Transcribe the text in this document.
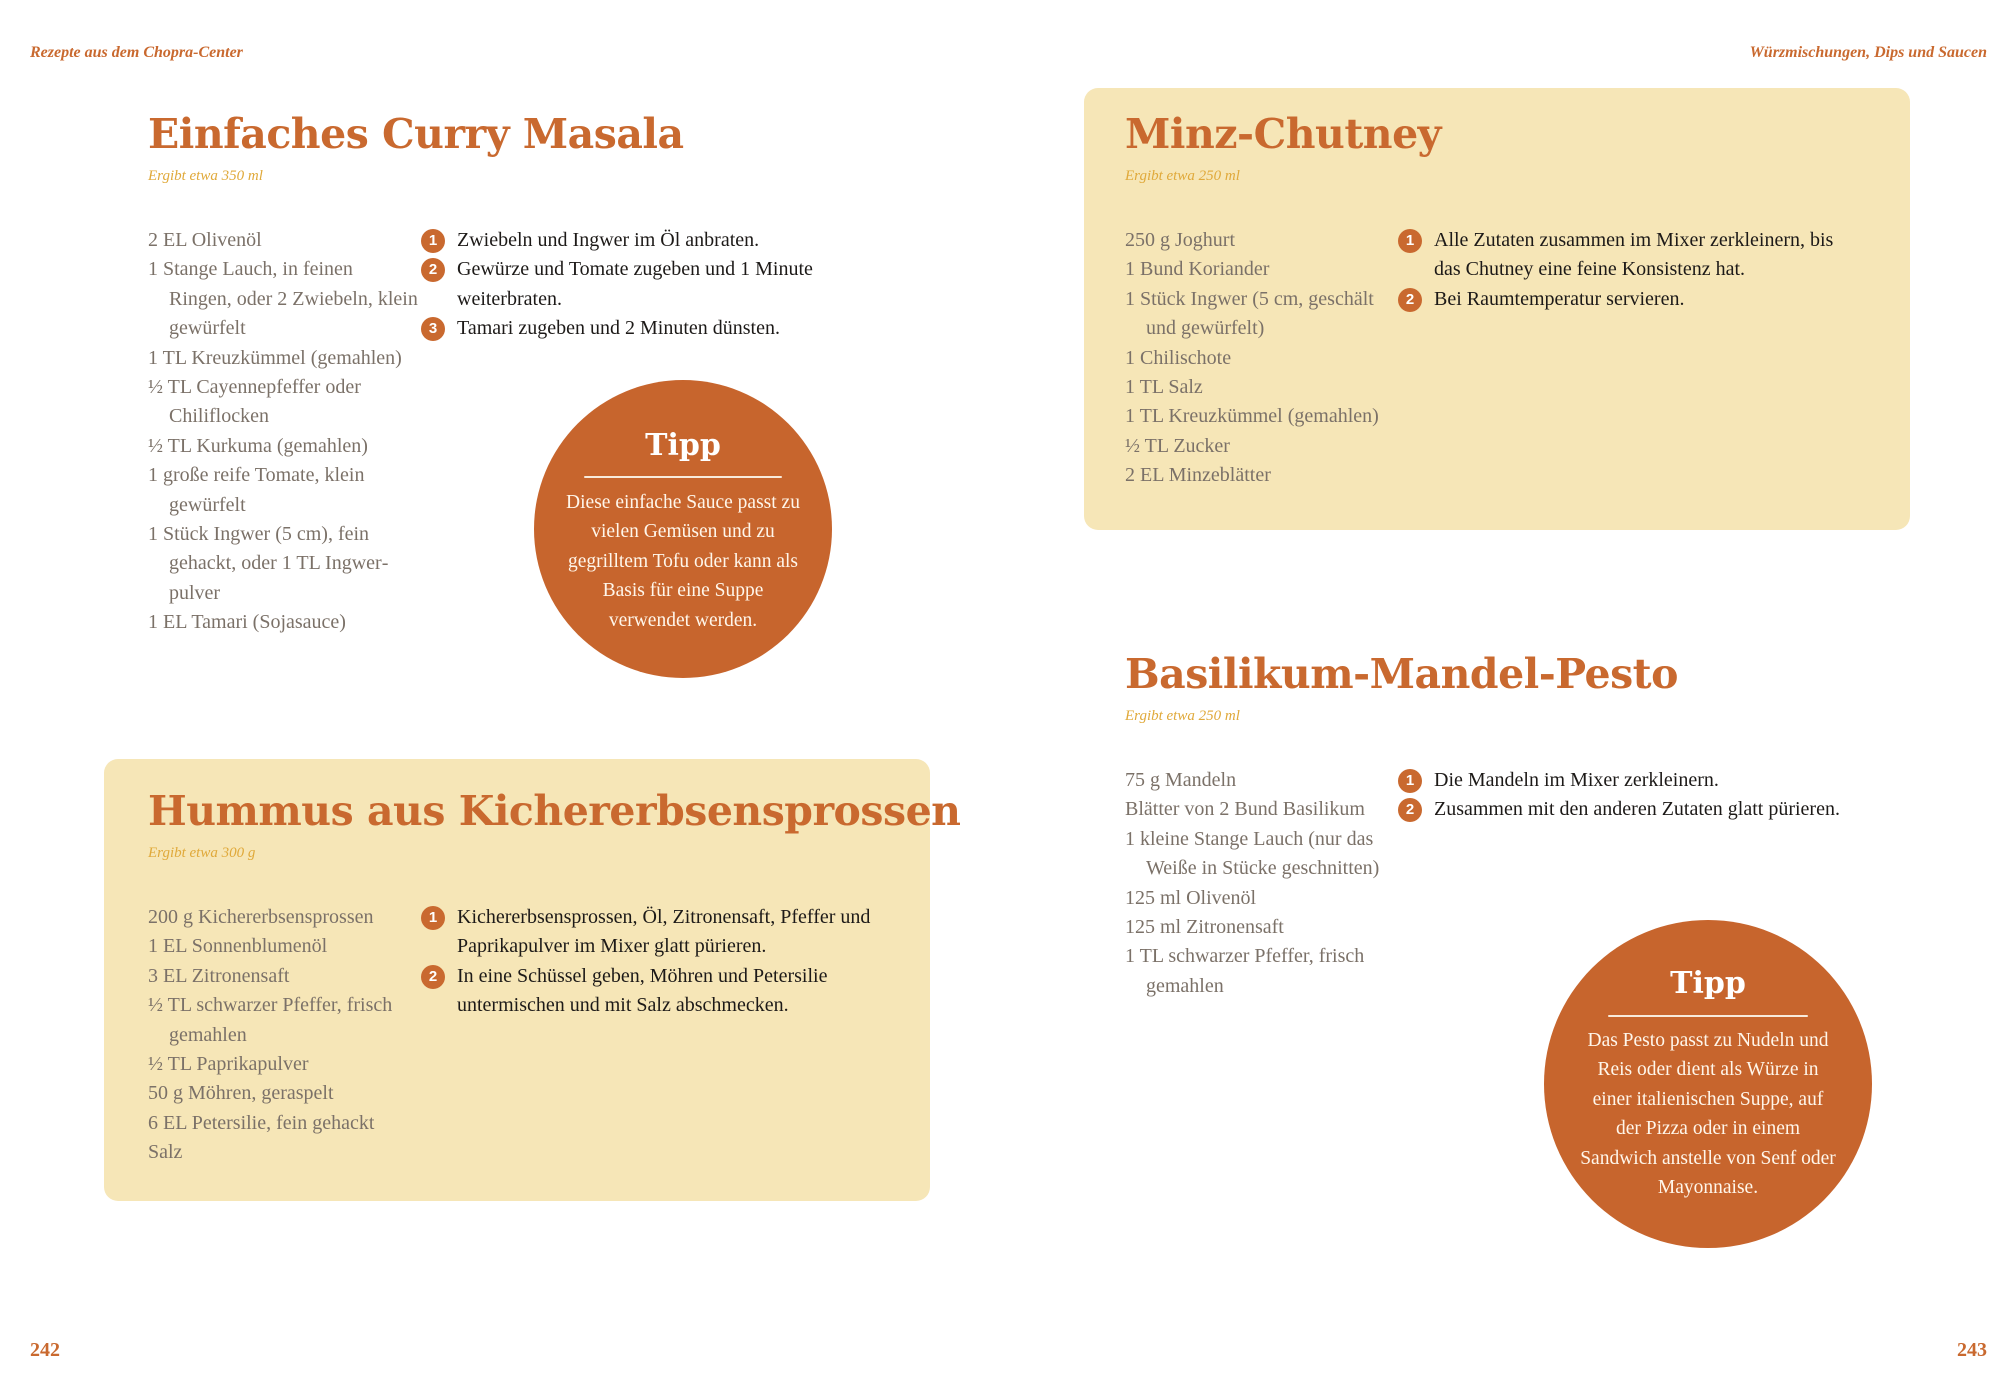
Rezepte aus dem Chopra-Center	Würzmischungen, Dips und Saucen
Einfaches Curry Masala
Ergibt etwa 350 ml
2 EL Olivenöl
1 Stange Lauch, in feinen Ringen, oder 2 Zwiebeln, klein gewürfelt
1 TL Kreuzkümmel (gemahlen)
½ TL Cayennepfeffer oder Chiliflocken
½ TL Kurkuma (gemahlen)
1 große reife Tomate, klein gewürfelt
1 Stück Ingwer (5 cm), fein gehackt, oder 1 TL Ingwerpulver
1 EL Tamari (Sojasauce)
1 Zwiebeln und Ingwer im Öl anbraten.
2 Gewürze und Tomate zugeben und 1 Minute weiterbraten.
3 Tamari zugeben und 2 Minuten dünsten.
Tipp
Diese einfache Sauce passt zu vielen Gemüsen und zu gegrilltem Tofu oder kann als Basis für eine Suppe verwendet werden.
Hummus aus Kichererbsensprossen
Ergibt etwa 300 g
200 g Kichererbsensprossen
1 EL Sonnenblumenöl
3 EL Zitronensaft
½ TL schwarzer Pfeffer, frisch gemahlen
½ TL Paprikapulver
50 g Möhren, geraspelt
6 EL Petersilie, fein gehackt
Salz
1 Kichererbsensprossen, Öl, Zitronensaft, Pfeffer und Paprikapulver im Mixer glatt pürieren.
2 In eine Schüssel geben, Möhren und Petersilie untermischen und mit Salz abschmecken.
Minz-Chutney
Ergibt etwa 250 ml
250 g Joghurt
1 Bund Koriander
1 Stück Ingwer (5 cm, geschält und gewürfelt)
1 Chilischote
1 TL Salz
1 TL Kreuzkümmel (gemahlen)
½ TL Zucker
2 EL Minzeblätter
1 Alle Zutaten zusammen im Mixer zerkleinern, bis das Chutney eine feine Konsistenz hat.
2 Bei Raumtemperatur servieren.
Basilikum-Mandel-Pesto
Ergibt etwa 250 ml
75 g Mandeln
Blätter von 2 Bund Basilikum
1 kleine Stange Lauch (nur das Weiße in Stücke geschnitten)
125 ml Olivenöl
125 ml Zitronensaft
1 TL schwarzer Pfeffer, frisch gemahlen
1 Die Mandeln im Mixer zerkleinern.
2 Zusammen mit den anderen Zutaten glatt pürieren.
Tipp
Das Pesto passt zu Nudeln und Reis oder dient als Würze in einer italienischen Suppe, auf der Pizza oder in einem Sandwich anstelle von Senf oder Mayonnaise.
242	243
